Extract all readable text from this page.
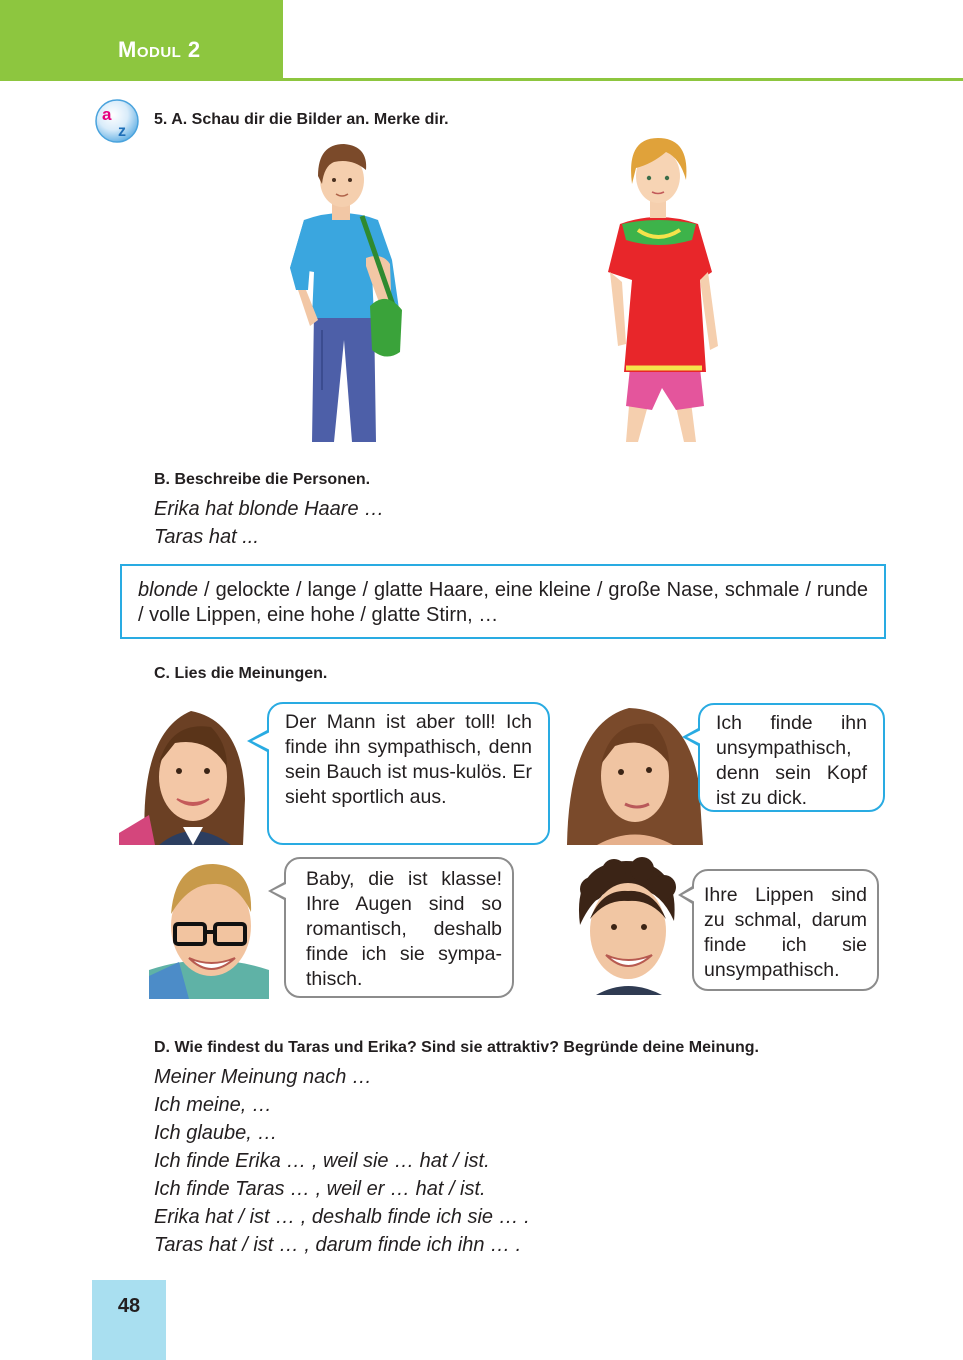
Modul 2
a
z
5. A. Schau dir die Bilder an. Merke dir.
B. Beschreibe die Personen.
Erika hat blonde Haare …
Taras hat ...
blonde / gelockte / lange / glatte Haare, eine kleine / große Nase, schmale / runde / volle Lippen, eine hohe / glatte Stirn, …
C. Lies die Meinungen.
Der Mann ist aber toll! Ich finde ihn sympathisch, denn sein Bauch ist mus-kulös. Er sieht sportlich aus.
Ich finde ihn unsympathisch, denn sein Kopf ist zu dick.
Baby, die ist klasse! Ihre Augen sind so romantisch, deshalb finde ich sie sympa-thisch.
Ihre Lippen sind zu schmal, darum finde ich sie unsympathisch.
D. Wie findest du Taras und Erika? Sind sie attraktiv? Begründe deine Meinung.
Meiner Meinung nach …
Ich meine, …
Ich glaube, …
Ich finde Erika … , weil sie … hat / ist.
Ich finde Taras … , weil er … hat / ist.
Erika hat / ist … , deshalb finde ich sie … .
Taras hat / ist … , darum finde ich ihn … .
48
